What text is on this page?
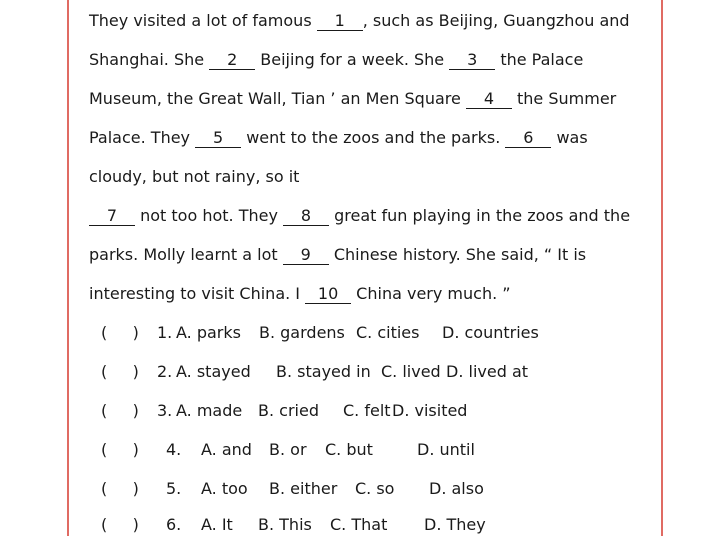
They visited a lot of famous 1 , such as Beijing, Guangzhou and
Shanghai. She 2 Beijing for a week. She 3 the Palace
Museum, the Great Wall, Tian ’ an Men Square 4 the Summer
Palace. They 5 went to the zoos and the parks. 6 was
cloudy, but not rainy, so it
7 not too hot. They 8 great fun playing in the zoos and the
parks. Molly learnt a lot 9 Chinese history. She said, “ It is
interesting to visit China. I 10 China very much. ”
(     ) 1. A. parks B. gardens C. cities D. countries
(     ) 2. A. stayed B. stayed in C. lived D. lived at
(     ) 3. A. made B. cried C. felt D. visited
(     ) 4. A. and B. or C. but	D. until
(     ) 5. A. too B. either C. so D. also
(     ) 6. A. It B. This C. That D. They
